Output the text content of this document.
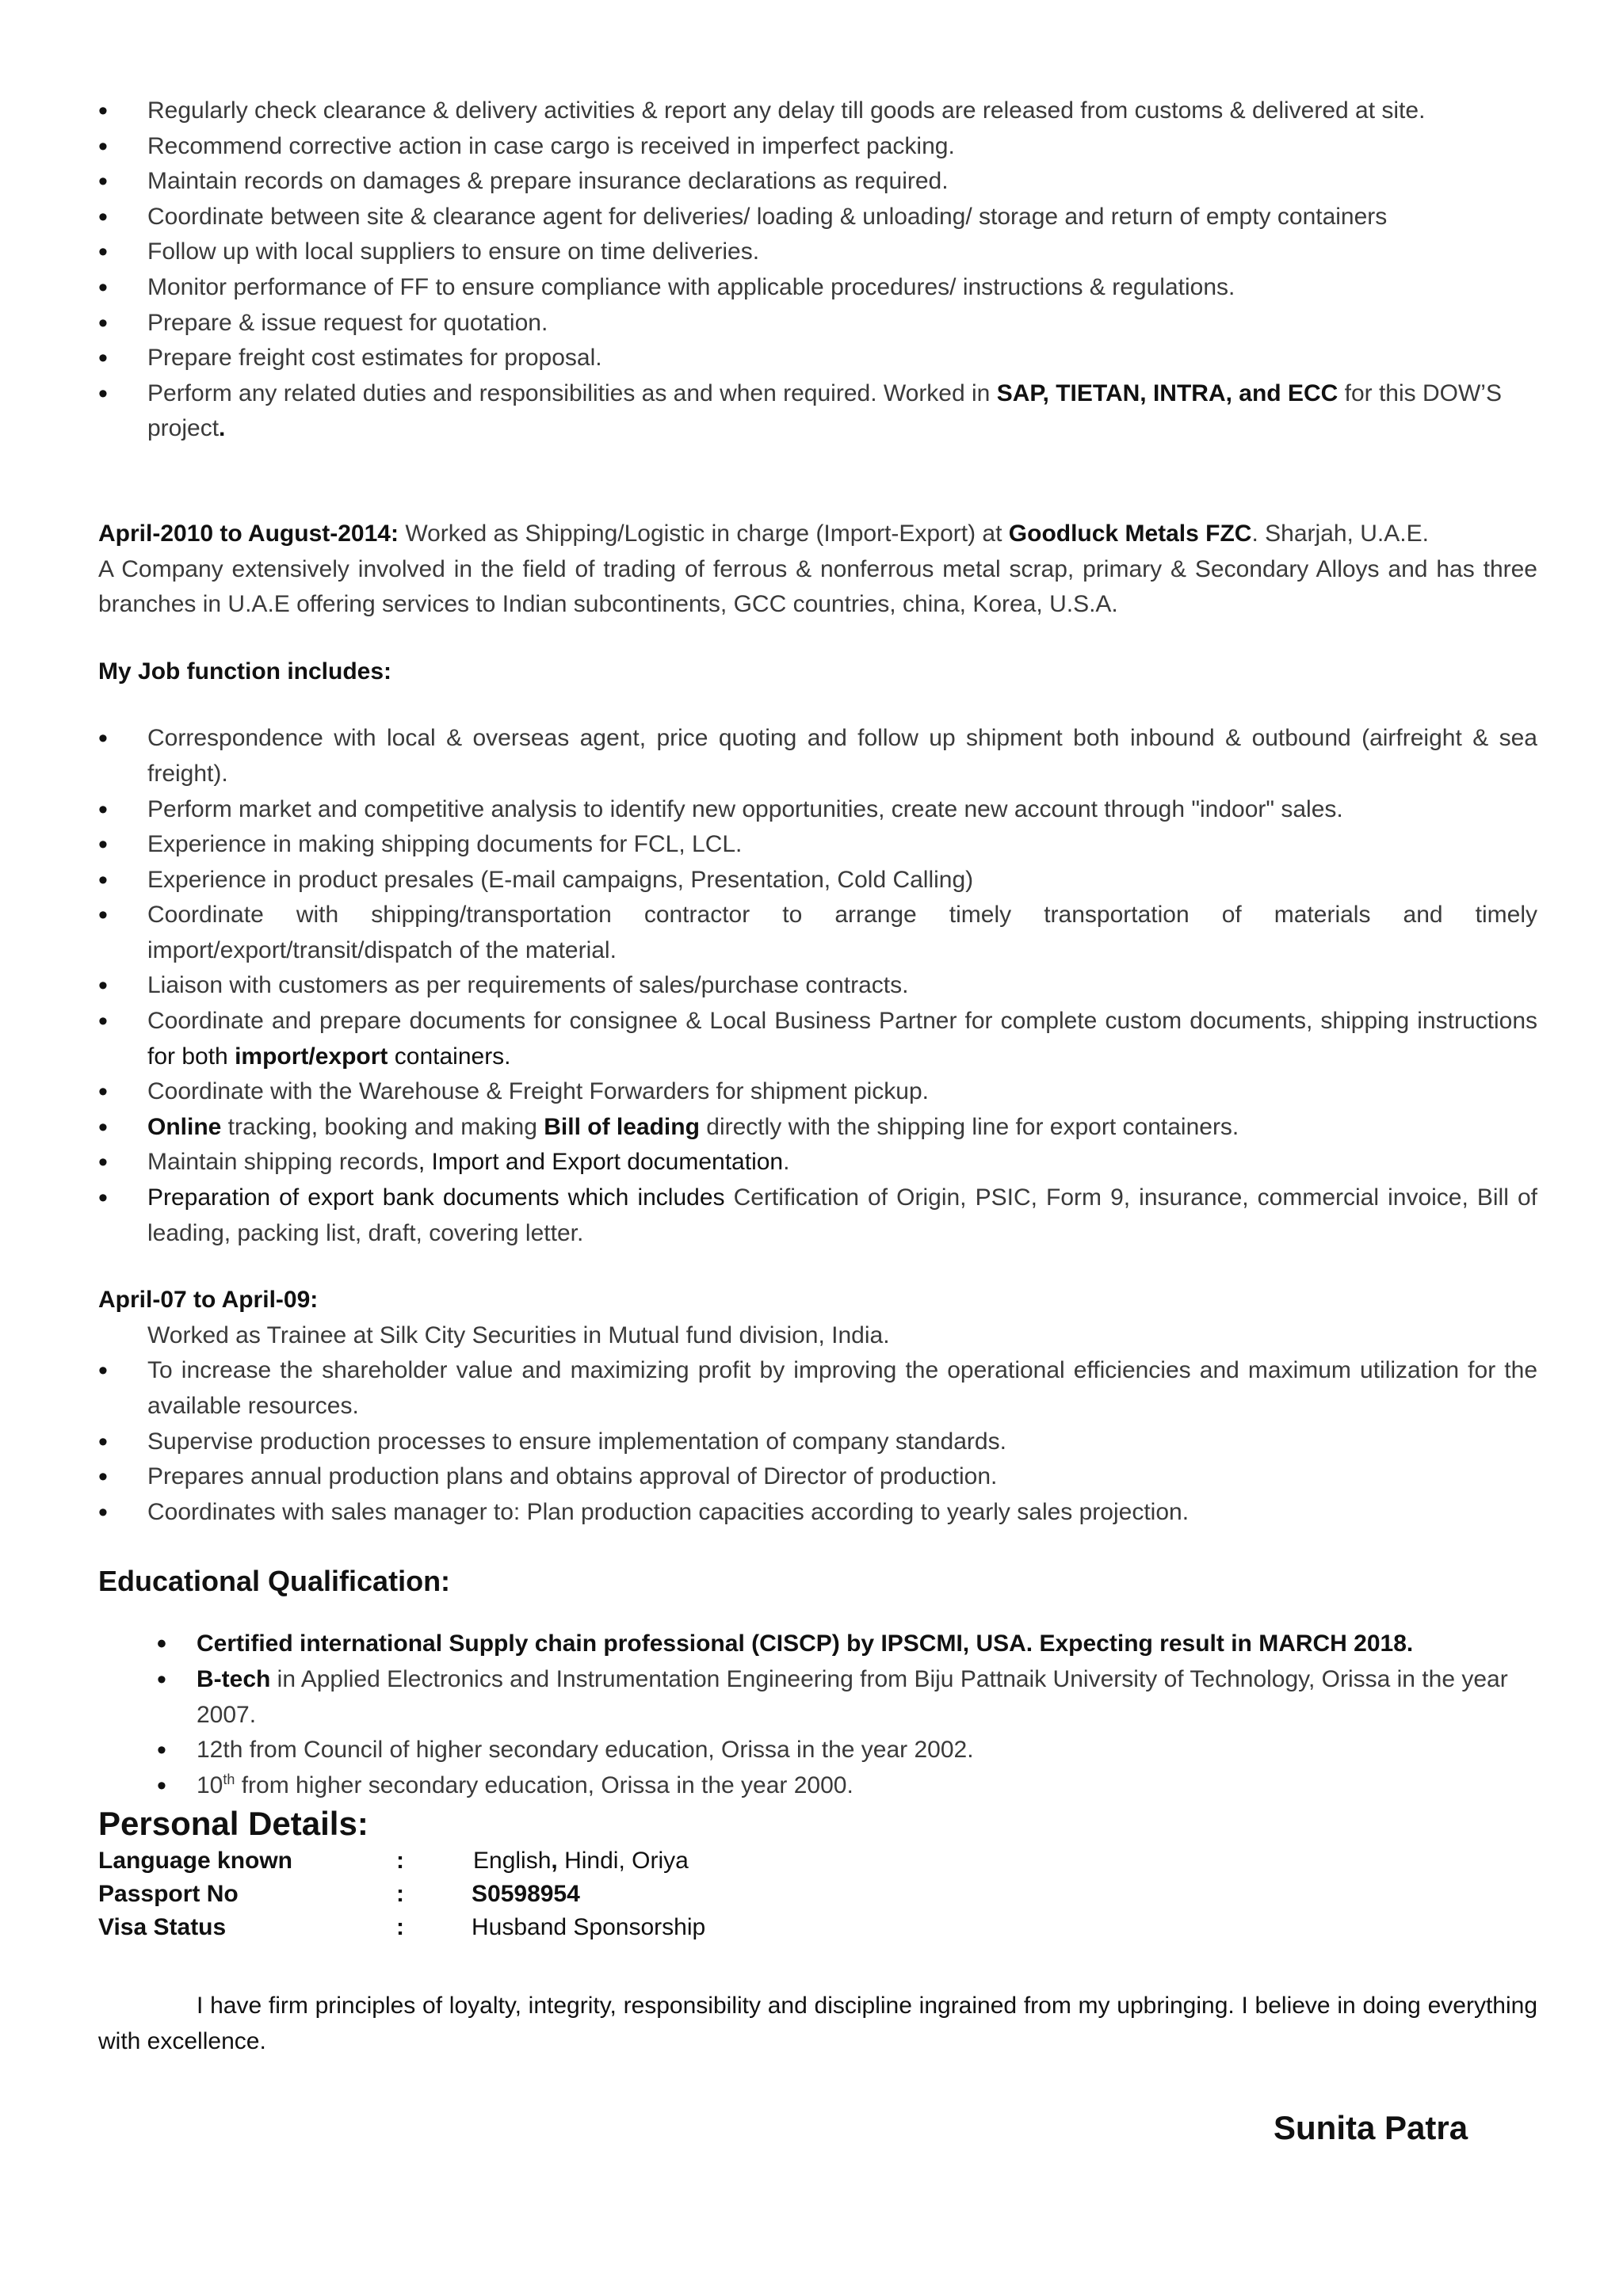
• Regularly check clearance & delivery activities & report any delay till goods are released from customs & delivered at site.
• Recommend corrective action in case cargo is received in imperfect packing.
• Maintain records on damages & prepare insurance declarations as required.
• Coordinate between site & clearance agent for deliveries/ loading & unloading/ storage and return of empty containers
• Follow up with local suppliers to ensure on time deliveries.
• Monitor performance of FF to ensure compliance with applicable procedures/ instructions & regulations.
• Prepare & issue request for quotation.
• Prepare freight cost estimates for proposal.
• Perform any related duties and responsibilities as and when required. Worked in SAP, TIETAN, INTRA, and ECC for this DOW’S project.
April-2010 to August-2014: Worked as Shipping/Logistic in charge (Import-Export) at Goodluck Metals FZC. Sharjah, U.A.E.
A Company extensively involved in the field of trading of ferrous & nonferrous metal scrap, primary & Secondary Alloys and has three branches in U.A.E offering services to Indian subcontinents, GCC countries, china, Korea, U.S.A.
My Job function includes:
• Correspondence with local & overseas agent, price quoting and follow up shipment both inbound & outbound (airfreight & sea freight).
• Perform market and competitive analysis to identify new opportunities, create new account through "indoor" sales.
• Experience in making shipping documents for FCL, LCL.
• Experience in product presales (E-mail campaigns, Presentation, Cold Calling)
• Coordinate with shipping/transportation contractor to arrange timely transportation of materials and timely import/export/transit/dispatch of the material.
• Liaison with customers as per requirements of sales/purchase contracts.
• Coordinate and prepare documents for consignee & Local Business Partner for complete custom documents, shipping instructions for both import/export containers.
• Coordinate with the Warehouse & Freight Forwarders for shipment pickup.
• Online tracking, booking and making Bill of leading directly with the shipping line for export containers.
• Maintain shipping records, Import and Export documentation.
• Preparation of export bank documents which includes Certification of Origin, PSIC, Form 9, insurance, commercial invoice, Bill of leading, packing list, draft, covering letter.
April-07 to April-09:
Worked as Trainee at Silk City Securities in Mutual fund division, India.
• To increase the shareholder value and maximizing profit by improving the operational efficiencies and maximum utilization for the available resources.
• Supervise production processes to ensure implementation of company standards.
• Prepares annual production plans and obtains approval of Director of production.
• Coordinates with sales manager to: Plan production capacities according to yearly sales projection.
Educational Qualification:
• Certified international Supply chain professional (CISCP) by IPSCMI, USA. Expecting result in MARCH 2018.
• B-tech in Applied Electronics and Instrumentation Engineering from Biju Pattnaik University of Technology, Orissa in the year 2007.
• 12th from Council of higher secondary education, Orissa in the year 2002.
• 10th from higher secondary education, Orissa in the year 2000.
Personal Details:
Language known	:	English, Hindi, Oriya
Passport No	:	S0598954
Visa Status	:	Husband Sponsorship
I have firm principles of loyalty, integrity, responsibility and discipline ingrained from my upbringing. I believe in doing everything with excellence.
Sunita Patra
